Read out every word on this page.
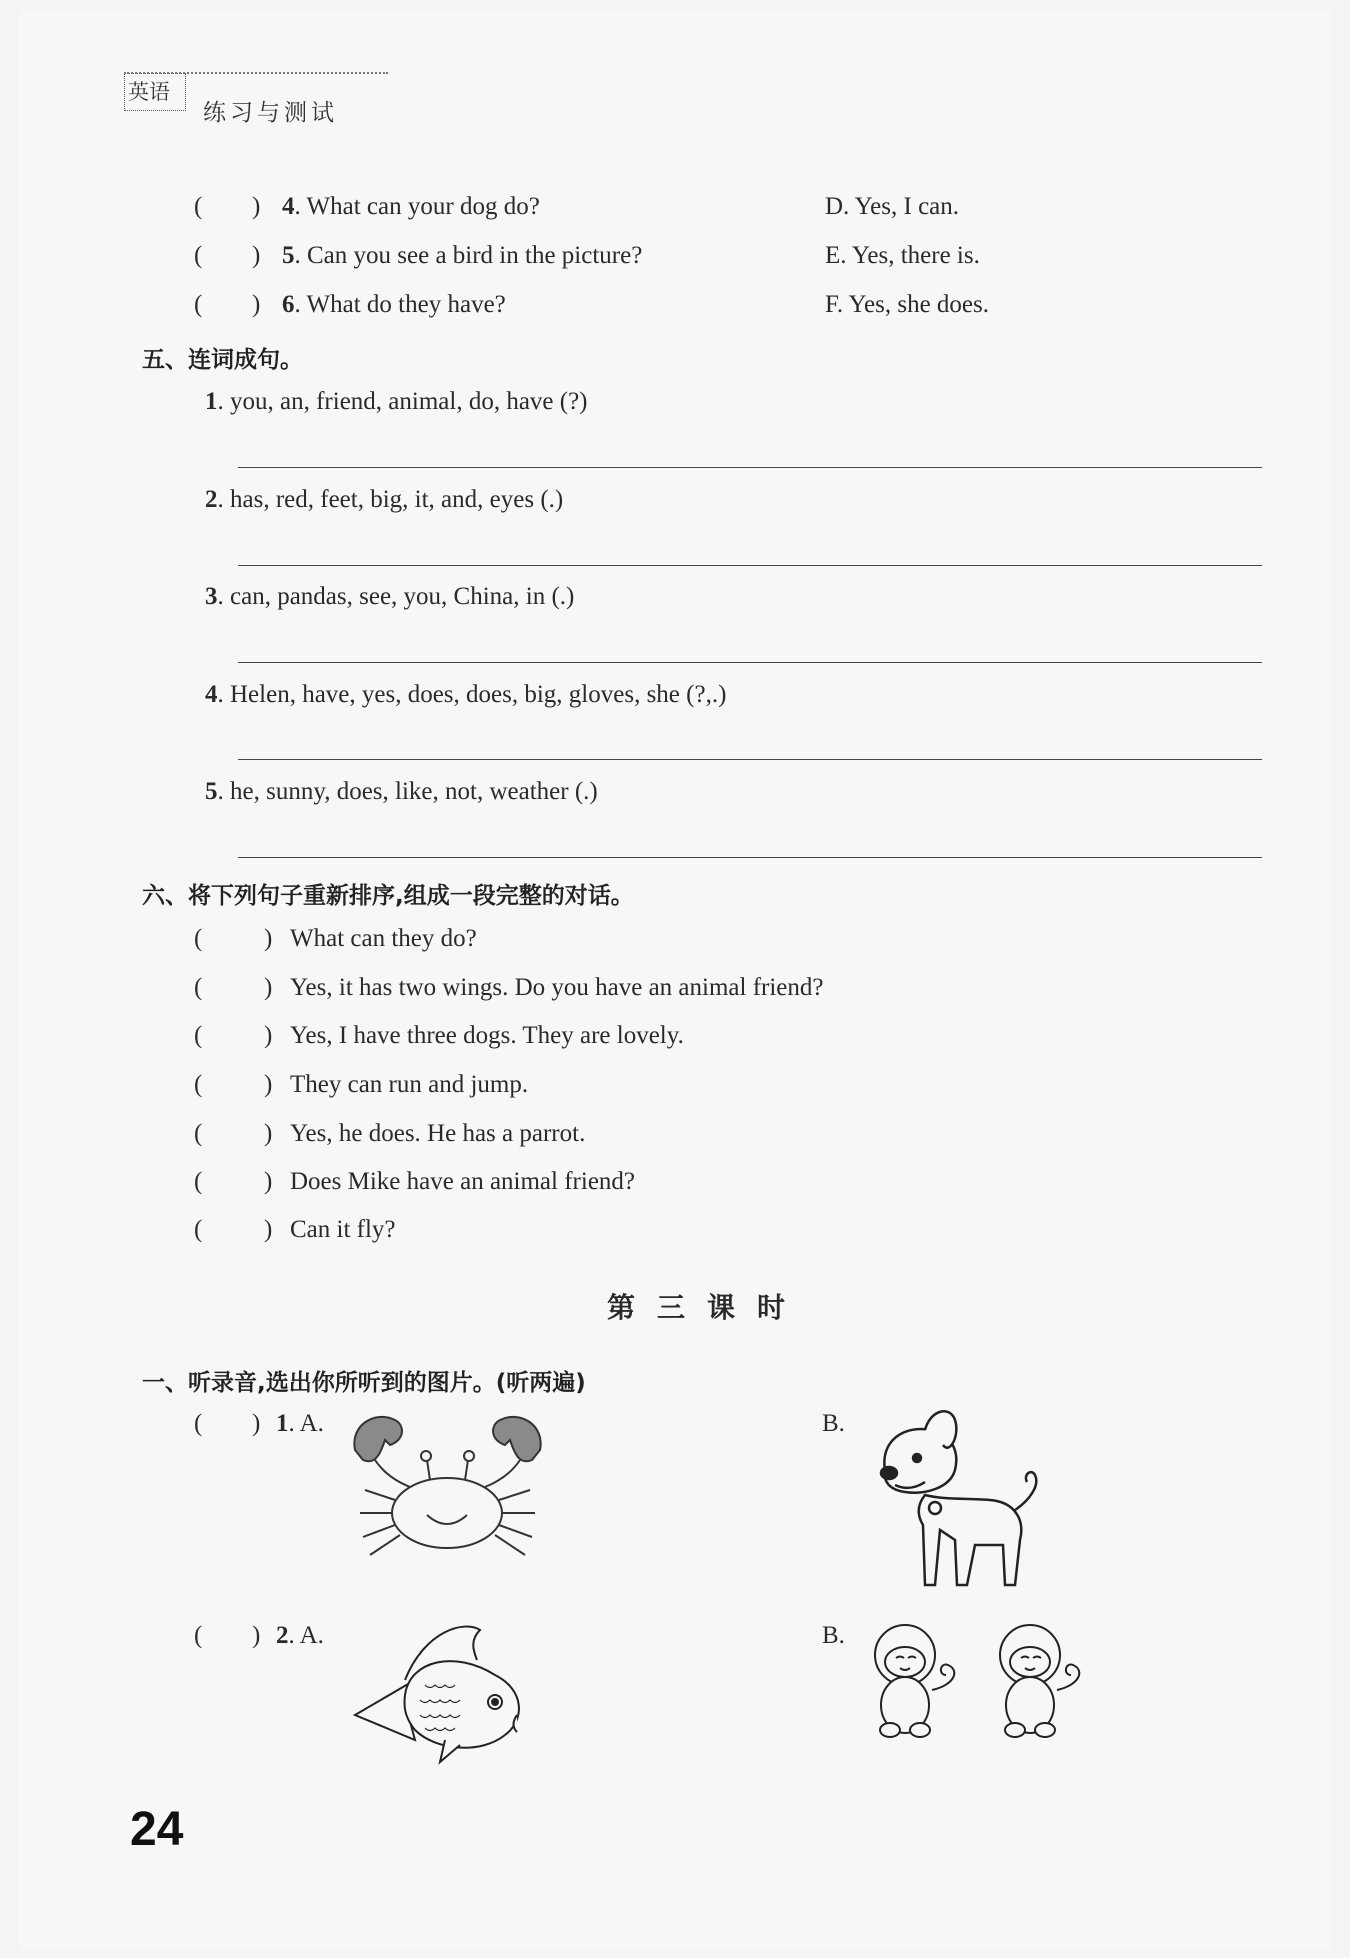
英语
练习与测试
( ) 4. What can your dog do?	D. Yes, I can.
( ) 5. Can you see a bird in the picture?	E. Yes, there is.
( ) 6. What do they have?	F. Yes, she does.
五、连词成句。
1. you, an, friend, animal, do, have (?)
2. has, red, feet, big, it, and, eyes (.)
3. can, pandas, see, you, China, in (.)
4. Helen, have, yes, does, does, big, gloves, she (?,.)
5. he, sunny, does, like, not, weather (.)
六、将下列句子重新排序,组成一段完整的对话。
( ) What can they do?
( ) Yes, it has two wings. Do you have an animal friend?
( ) Yes, I have three dogs. They are lovely.
( ) They can run and jump.
( ) Yes, he does. He has a parrot.
( ) Does Mike have an animal friend?
( ) Can it fly?
第三课时
一、听录音,选出你所听到的图片。(听两遍)
( ) 1. A.	B.
( ) 2. A.	B.
24
